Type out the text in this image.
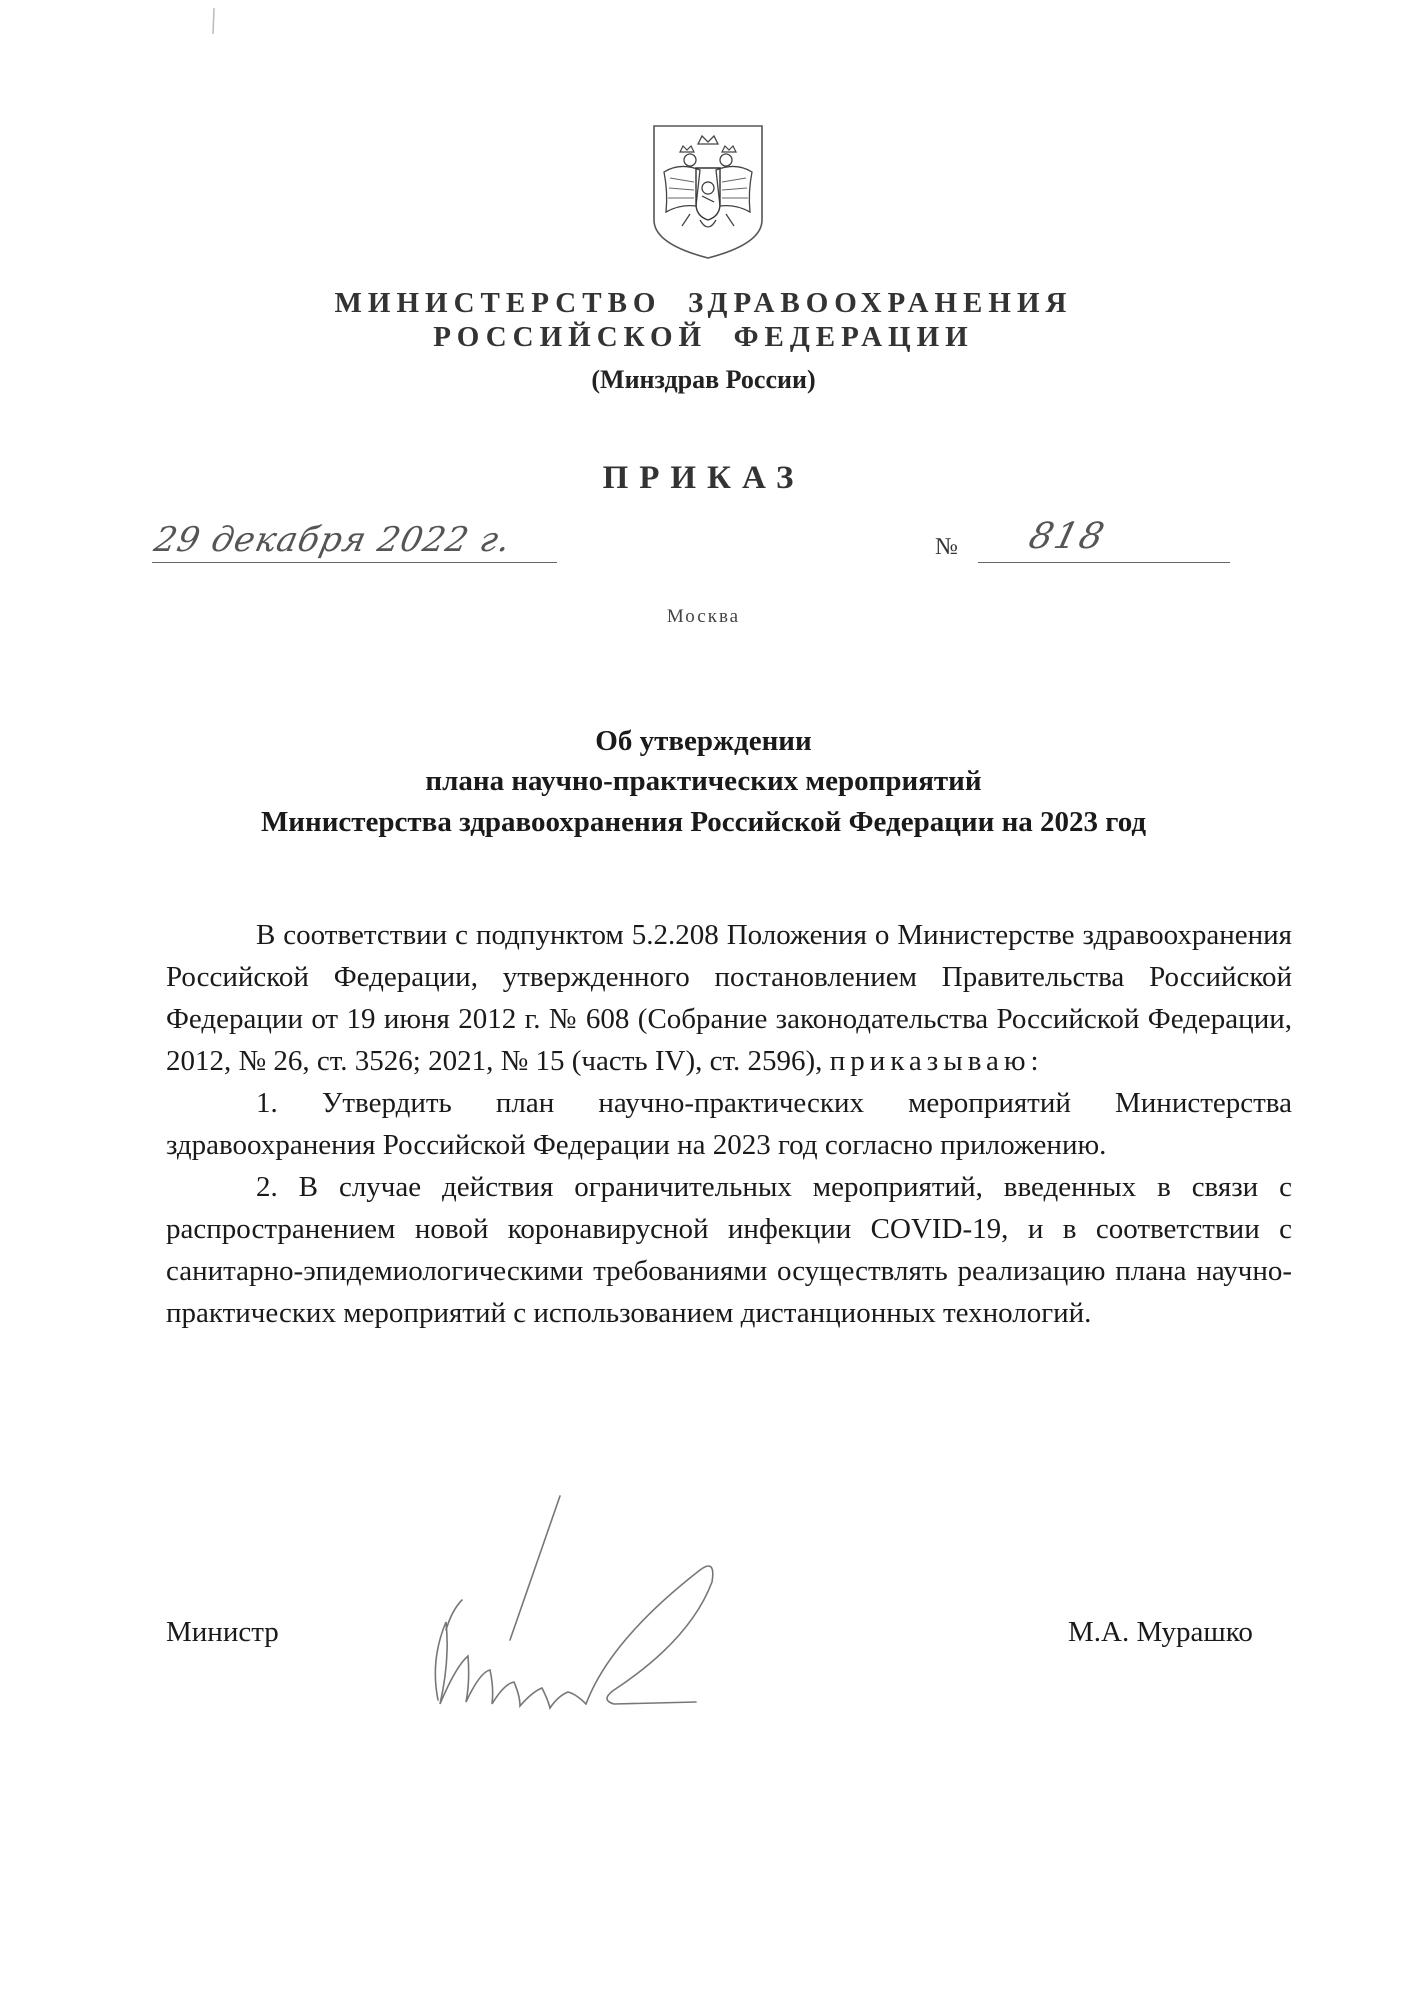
МИНИСТЕРСТВО  ЗДРАВООХРАНЕНИЯ
РОССИЙСКОЙ  ФЕДЕРАЦИИ
(Минздрав России)
ПРИКАЗ
29 декабря 2022 г.	№ 818
Москва
Об утверждении
плана научно-практических мероприятий
Министерства здравоохранения Российской Федерации на 2023 год

В соответствии с подпунктом 5.2.208 Положения о Министерстве здравоохранения Российской Федерации, утвержденного постановлением Правительства Российской Федерации от 19 июня 2012 г. № 608 (Собрание законодательства Российской Федерации, 2012, № 26, ст. 3526; 2021, № 15 (часть IV), ст. 2596), приказываю:

1. Утвердить план научно-практических мероприятий Министерства здравоохранения Российской Федерации на 2023 год согласно приложению.

2. В случае действия ограничительных мероприятий, введенных в связи с распространением новой коронавирусной инфекции COVID-19, и в соответствии с санитарно-эпидемиологическими требованиями осуществлять реализацию плана научно-практических мероприятий с использованием дистанционных технологий.

Министр	М.А. Мурашко
